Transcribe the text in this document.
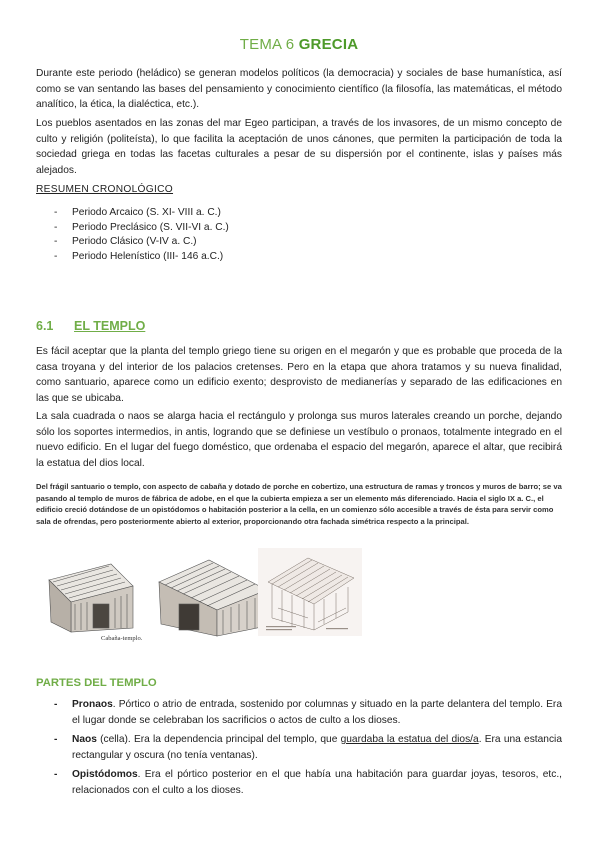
TEMA 6 GRECIA

Durante este periodo (heládico) se generan modelos políticos (la democracia) y sociales de base humanística, así como se van sentando las bases del pensamiento y conocimiento científico (la filosofía, las matemáticas, el método analítico, la ética, la dialéctica, etc.).

Los pueblos asentados en las zonas del mar Egeo participan, a través de los invasores, de un mismo concepto de culto y religión (politeísta), lo que facilita la aceptación de unos cánones, que permiten la participación de toda la sociedad griega en todas las facetas culturales a pesar de su dispersión por el continente, islas y países más alejados.

RESUMEN CRONOLÓGICO
- Periodo Arcaico (S. XI- VIII a. C.)
- Periodo Preclásico (S. VII-VI a. C.)
- Periodo Clásico (V-IV a. C.)
- Periodo Helenístico (III- 146 a.C.)
6.1 EL TEMPLO

Es fácil aceptar que la planta del templo griego tiene su origen en el megarón y que es probable que proceda de la casa troyana y del interior de los palacios cretenses. Pero en la etapa que ahora tratamos y su nueva finalidad, como santuario, aparece como un edificio exento; desprovisto de medianerías y separado de las edificaciones en las que se ubicaba.

La sala cuadrada o naos se alarga hacia el rectángulo y prolonga sus muros laterales creando un porche, dejando sólo los soportes intermedios, in antis, logrando que se definiese un vestíbulo o pronaos, totalmente integrado en el nuevo edificio. En el lugar del fuego doméstico, que ordenaba el espacio del megarón, aparece el altar, que recibirá la estatua del dios local.

Del frágil santuario o templo, con aspecto de cabaña y dotado de porche en cobertizo, una estructura de ramas y troncos y muros de barro; se va pasando al templo de muros de fábrica de adobe, en el que la cubierta empieza a ser un elemento más diferenciado. Hacia el siglo IX a. C., el edificio creció dotándose de un opistódomos o habitación posterior a la cella, en un comienzo sólo accesible a través de ésta para servir como sala de ofrendas, pero posteriormente abierto al exterior, proporcionando otra fachada simétrica respecto a la principal.

Cabaña-templo.
PARTES DEL TEMPLO
- Pronaos. Pórtico o atrio de entrada, sostenido por columnas y situado en la parte delantera del templo. Era el lugar donde se celebraban los sacrificios o actos de culto a los dioses.
- Naos (cella). Era la dependencia principal del templo, que guardaba la estatua del dios/a. Era una estancia rectangular y oscura (no tenía ventanas).
- Opistódomos. Era el pórtico posterior en el que había una habitación para guardar joyas, tesoros, etc., relacionados con el culto a los dioses.
